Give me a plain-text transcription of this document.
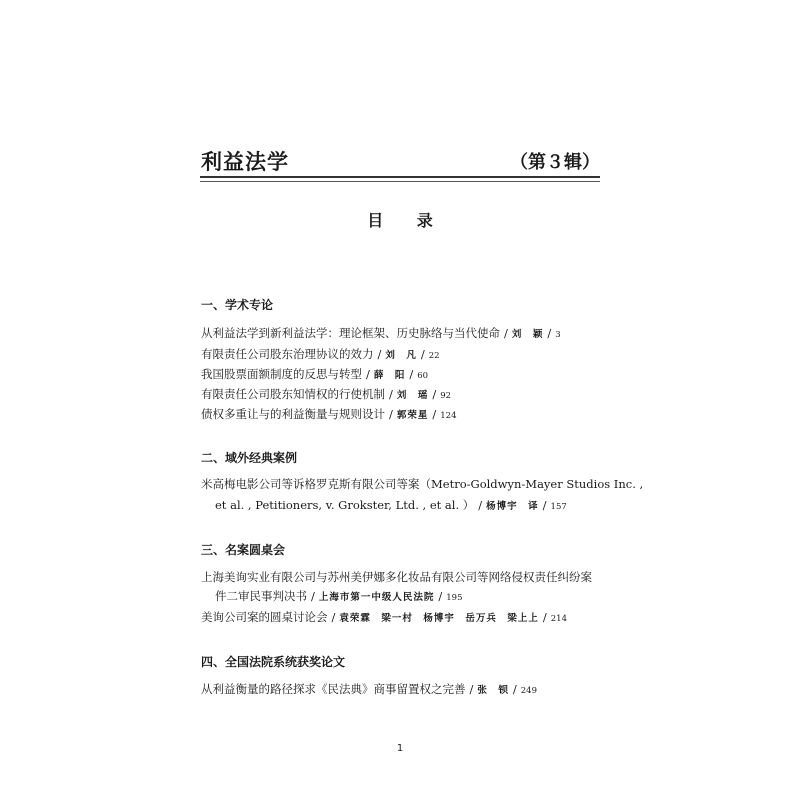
利益法学	（第３辑）
目 录
一、学术专论
从利益法学到新利益法学：理论框架、历史脉络与当代使命 / 刘　颖 / 3
有限责任公司股东治理协议的效力 / 刘　凡 / 22
我国股票面额制度的反思与转型 / 薛　阳 / 60
有限责任公司股东知情权的行使机制 / 刘　瑶 / 92
债权多重让与的利益衡量与规则设计 / 郭荣星 / 124
二、域外经典案例
米高梅电影公司等诉格罗克斯有限公司等案（Metro-Goldwyn-Mayer Studios Inc. ,
et al. , Petitioners, v. Grokster, Ltd. , et al. ） / 杨博宇　译 / 157
三、名案圆桌会
上海美询实业有限公司与苏州美伊娜多化妆品有限公司等网络侵权责任纠纷案
件二审民事判决书 / 上海市第一中级人民法院 / 195
美询公司案的圆桌讨论会 / 袁荣霖　梁一村　杨博宇　岳万兵　梁上上 / 214
四、全国法院系统获奖论文
从利益衡量的路径探求《民法典》商事留置权之完善 / 张　钡 / 249
1
